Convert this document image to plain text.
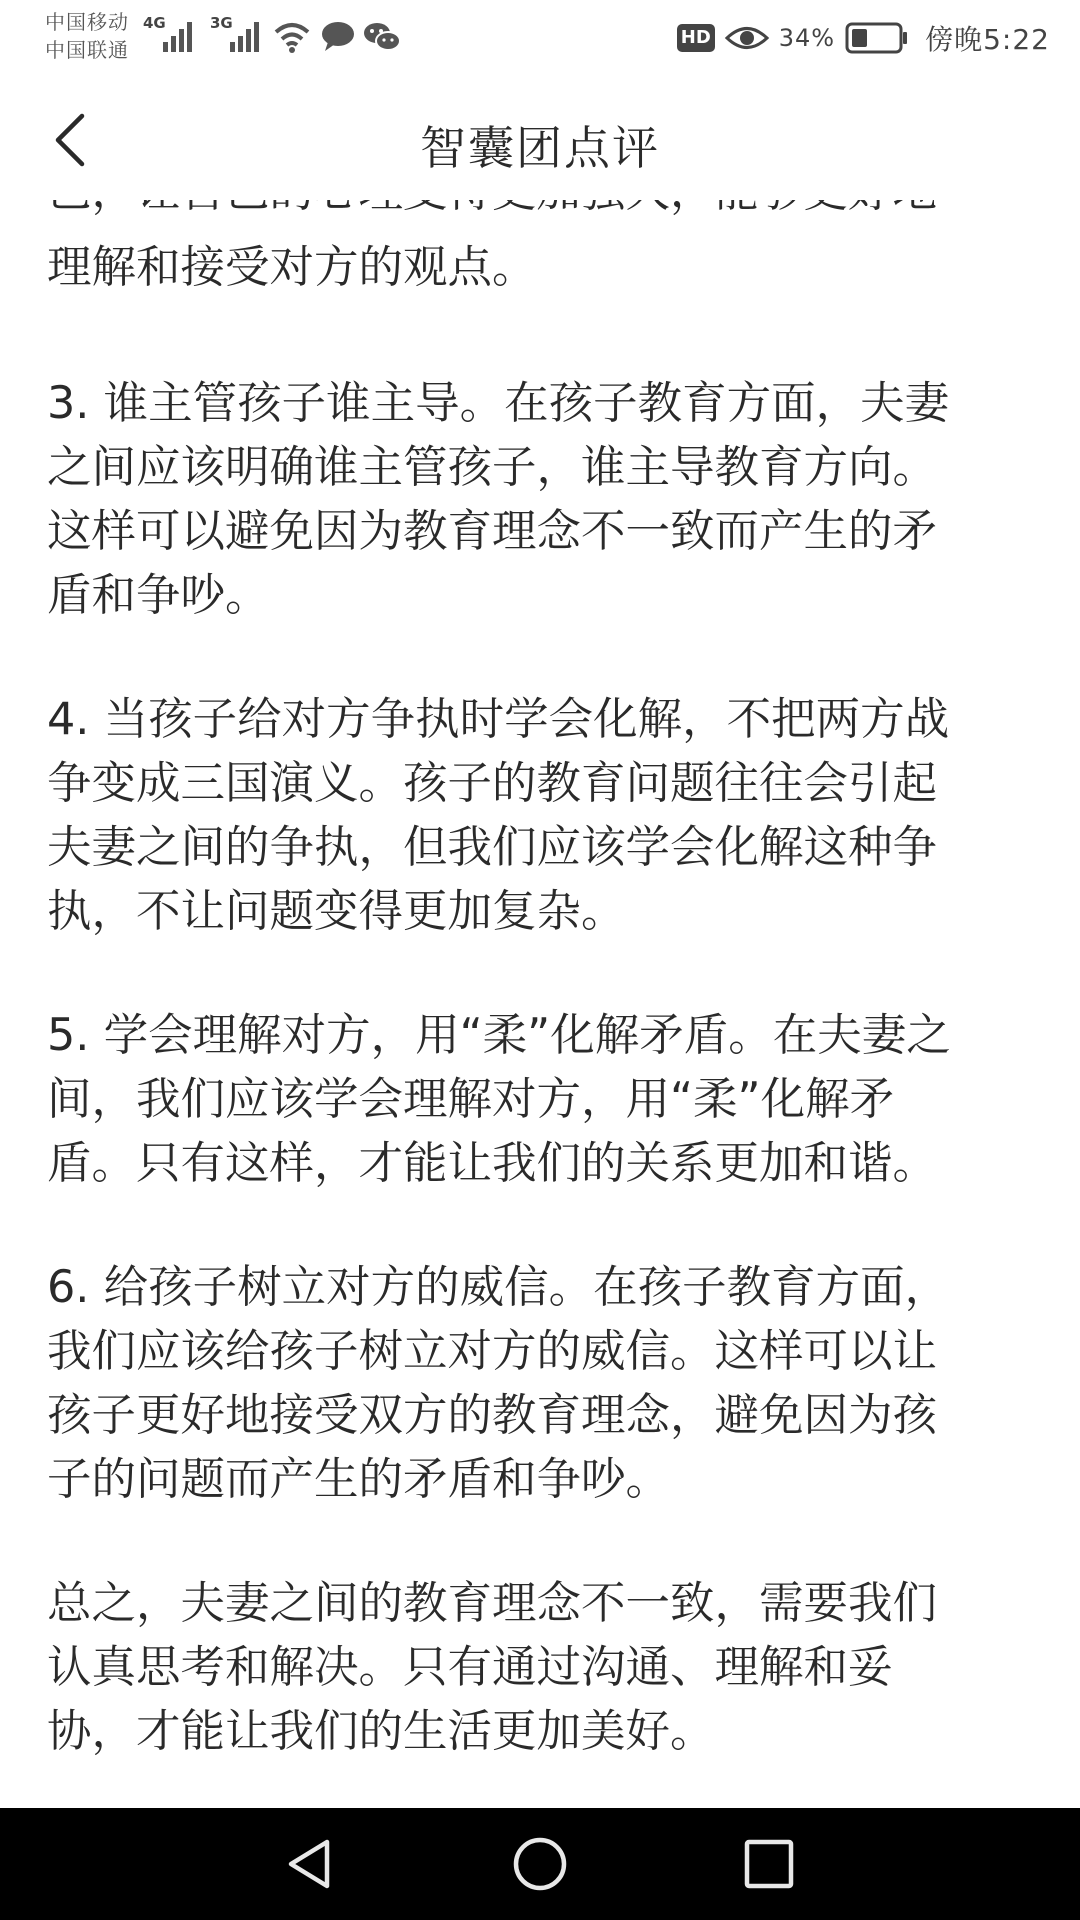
中国移动
中国联通
4G	3G
HD	34%	傍晚5:22
智囊团点评
理解和接受对方的观点。
3. 谁主管孩子谁主导。在孩子教育方面，夫妻
之间应该明确谁主管孩子，谁主导教育方向。
这样可以避免因为教育理念不一致而产生的矛
盾和争吵。
4. 当孩子给对方争执时学会化解，不把两方战
争变成三国演义。孩子的教育问题往往会引起
夫妻之间的争执，但我们应该学会化解这种争
执，不让问题变得更加复杂。
5. 学会理解对方，用“柔”化解矛盾。在夫妻之
间，我们应该学会理解对方，用“柔”化解矛
盾。只有这样，才能让我们的关系更加和谐。
6. 给孩子树立对方的威信。在孩子教育方面，
我们应该给孩子树立对方的威信。这样可以让
孩子更好地接受双方的教育理念，避免因为孩
子的问题而产生的矛盾和争吵。
总之，夫妻之间的教育理念不一致，需要我们
认真思考和解决。只有通过沟通、理解和妥
协，才能让我们的生活更加美好。
